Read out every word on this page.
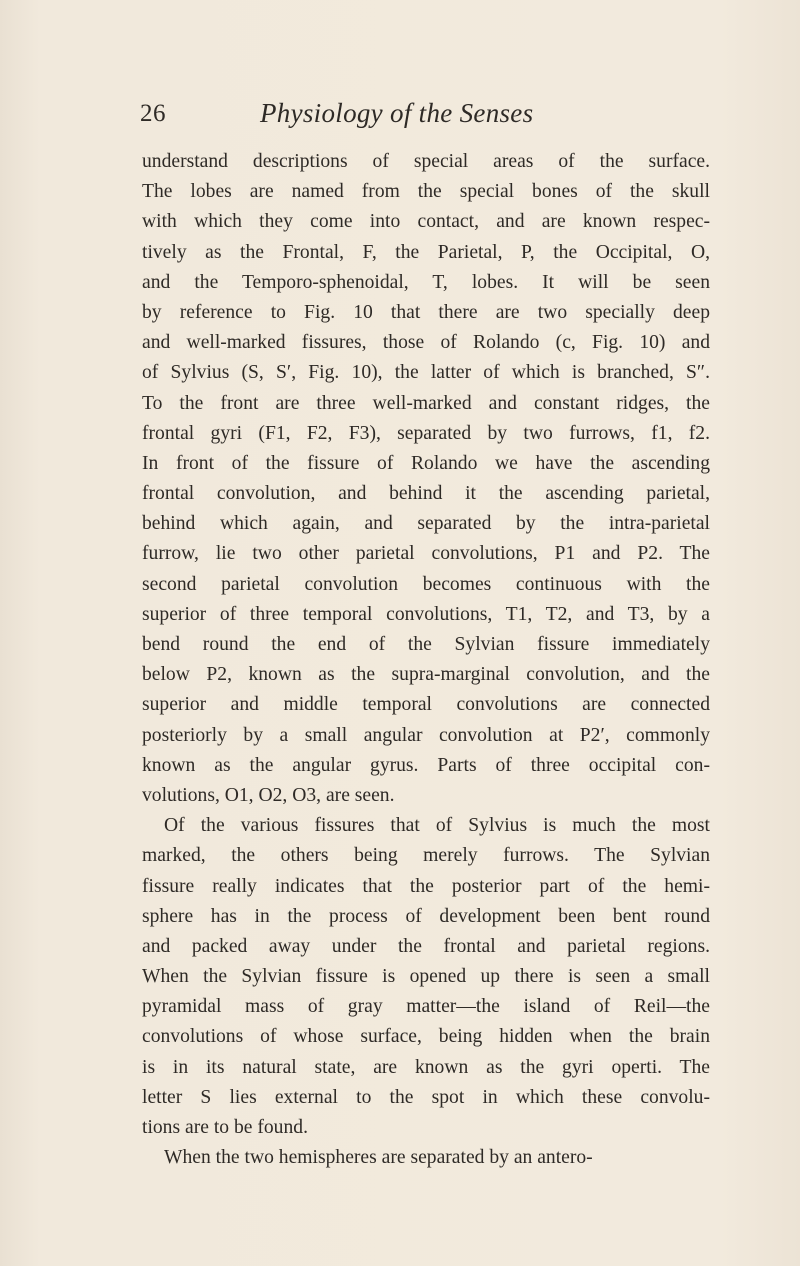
26	Physiology of the Senses
understand descriptions of special areas of the surface.
The lobes are named from the special bones of the skull
with which they come into contact, and are known respec-
tively as the Frontal, F, the Parietal, P, the Occipital, O,
and the Temporo-sphenoidal, T, lobes. It will be seen
by reference to Fig. 10 that there are two specially deep
and well-marked fissures, those of Rolando (c, Fig. 10) and
of Sylvius (S, S′, Fig. 10), the latter of which is branched, S″.
To the front are three well-marked and constant ridges, the
frontal gyri (F1, F2, F3), separated by two furrows, f1, f2.
In front of the fissure of Rolando we have the ascending
frontal convolution, and behind it the ascending parietal,
behind which again, and separated by the intra-parietal
furrow, lie two other parietal convolutions, P1 and P2. The
second parietal convolution becomes continuous with the
superior of three temporal convolutions, T1, T2, and T3, by a
bend round the end of the Sylvian fissure immediately
below P2, known as the supra-marginal convolution, and the
superior and middle temporal convolutions are connected
posteriorly by a small angular convolution at P2′, commonly
known as the angular gyrus. Parts of three occipital con-
volutions, O1, O2, O3, are seen.
Of the various fissures that of Sylvius is much the most
marked, the others being merely furrows. The Sylvian
fissure really indicates that the posterior part of the hemi-
sphere has in the process of development been bent round
and packed away under the frontal and parietal regions.
When the Sylvian fissure is opened up there is seen a small
pyramidal mass of gray matter—the island of Reil—the
convolutions of whose surface, being hidden when the brain
is in its natural state, are known as the gyri operti. The
letter S lies external to the spot in which these convolu-
tions are to be found.
When the two hemispheres are separated by an antero-
